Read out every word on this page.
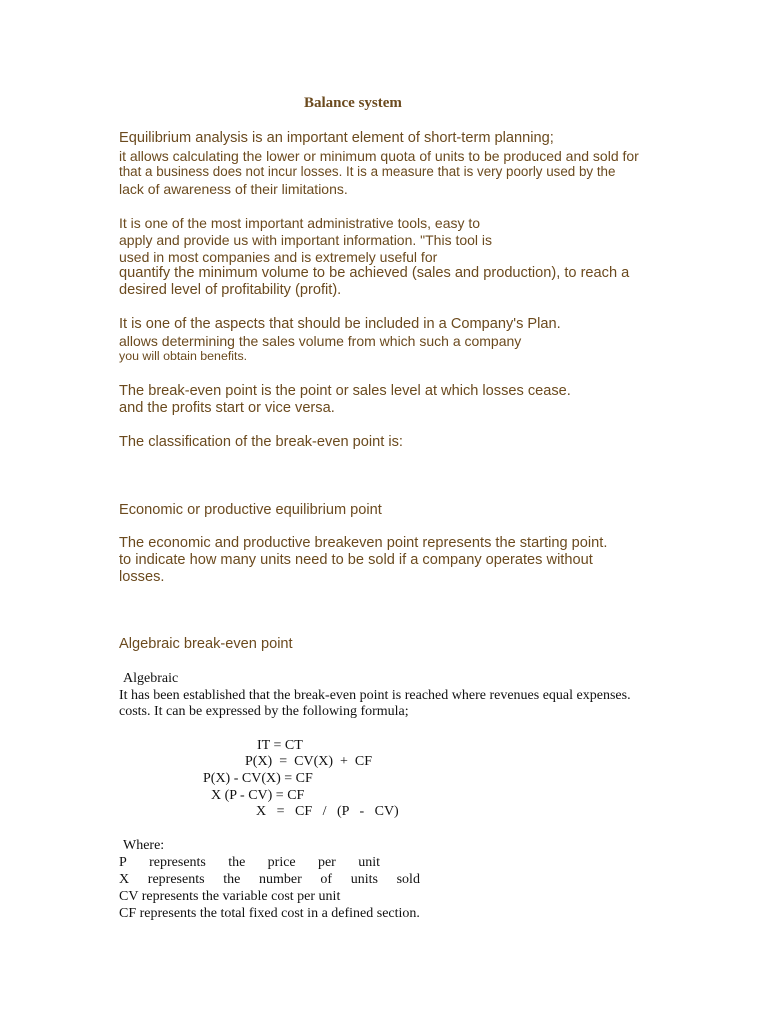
Balance system

Equilibrium analysis is an important element of short-term planning;

it allows calculating the lower or minimum quota of units to be produced and sold for

that a business does not incur losses. It is a measure that is very poorly used by the

lack of awareness of their limitations.

It is one of the most important administrative tools, easy to

apply and provide us with important information. "This tool is

used in most companies and is extremely useful for

quantify the minimum volume to be achieved (sales and production), to reach a

desired level of profitability (profit).

It is one of the aspects that should be included in a Company's Plan.

allows determining the sales volume from which such a company

you will obtain benefits.

The break-even point is the point or sales level at which losses cease.

and the profits start or vice versa.

The classification of the break-even point is:

Economic or productive equilibrium point

The economic and productive breakeven point represents the starting point.

to indicate how many units need to be sold if a company operates without

losses.

Algebraic break-even point

Algebraic

It has been established that the break-even point is reached where revenues equal expenses.

costs. It can be expressed by the following formula;

IT = CT

P(X)  =  CV(X)  +  CF

P(X) - CV(X) = CF

X (P - CV) = CF

X   =   CF   /   (P   -   CV)

Where:

P represents the price per unit
X represents the number of units sold

CV represents the variable cost per unit

CF represents the total fixed cost in a defined section.
